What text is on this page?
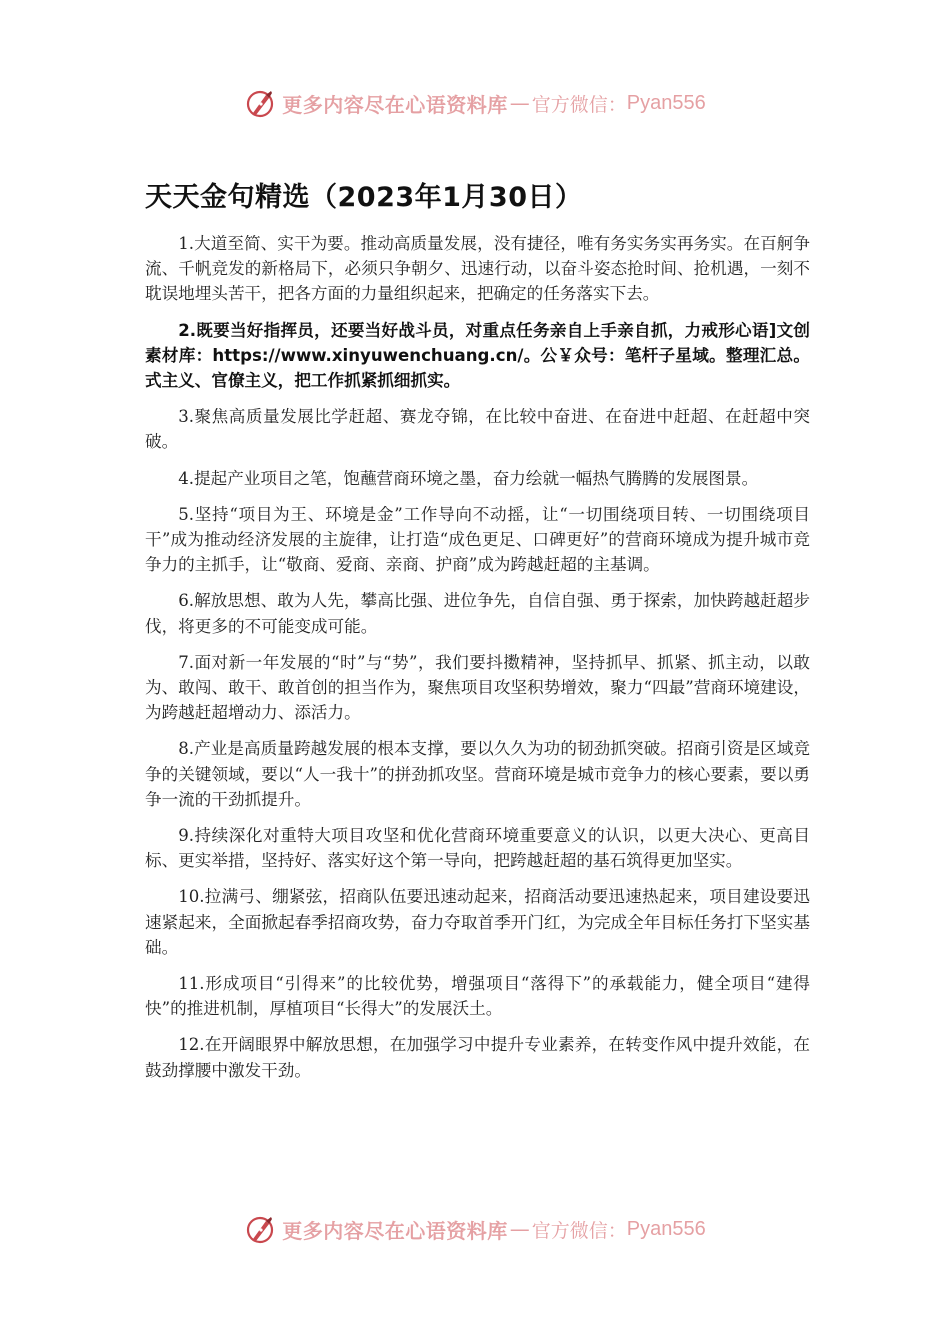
更多内容尽在心语资料库 — 官方微信： Pyan556
天天金句精选（2023年1月30日）

1.大道至简、实干为要。推动高质量发展，没有捷径，唯有务实务实再务实。在百舸争流、千帆竞发的新格局下，必须只争朝夕、迅速行动，以奋斗姿态抢时间、抢机遇，一刻不耽误地埋头苦干，把各方面的力量组织起来，把确定的任务落实下去。

2.既要当好指挥员，还要当好战斗员，对重点任务亲自上手亲自抓，力戒形心语]文创素材库：https://www.xinyuwenchuang.cn/。公￥众号：笔杆子星域。整理汇总。式主义、官僚主义，把工作抓紧抓细抓实。

3.聚焦高质量发展比学赶超、赛龙夺锦，在比较中奋进、在奋进中赶超、在赶超中突破。

4.提起产业项目之笔，饱蘸营商环境之墨，奋力绘就一幅热气腾腾的发展图景。

5.坚持“项目为王、环境是金”工作导向不动摇，让“一切围绕项目转、一切围绕项目干”成为推动经济发展的主旋律，让打造“成色更足、口碑更好”的营商环境成为提升城市竞争力的主抓手，让“敬商、爱商、亲商、护商”成为跨越赶超的主基调。

6.解放思想、敢为人先，攀高比强、进位争先，自信自强、勇于探索，加快跨越赶超步伐，将更多的不可能变成可能。

7.面对新一年发展的“时”与“势”，我们要抖擞精神，坚持抓早、抓紧、抓主动，以敢为、敢闯、敢干、敢首创的担当作为，聚焦项目攻坚积势增效，聚力“四最”营商环境建设，为跨越赶超增动力、添活力。

8.产业是高质量跨越发展的根本支撑，要以久久为功的韧劲抓突破。招商引资是区域竞争的关键领域，要以“人一我十”的拼劲抓攻坚。营商环境是城市竞争力的核心要素，要以勇争一流的干劲抓提升。

9.持续深化对重特大项目攻坚和优化营商环境重要意义的认识，以更大决心、更高目标、更实举措，坚持好、落实好这个第一导向，把跨越赶超的基石筑得更加坚实。

10.拉满弓、绷紧弦，招商队伍要迅速动起来，招商活动要迅速热起来，项目建设要迅速紧起来，全面掀起春季招商攻势，奋力夺取首季开门红，为完成全年目标任务打下坚实基础。

11.形成项目“引得来”的比较优势，增强项目“落得下”的承载能力，健全项目“建得快”的推进机制，厚植项目“长得大”的发展沃土。

12.在开阔眼界中解放思想，在加强学习中提升专业素养，在转变作风中提升效能，在鼓劲撑腰中激发干劲。

更多内容尽在心语资料库 — 官方微信： Pyan556
